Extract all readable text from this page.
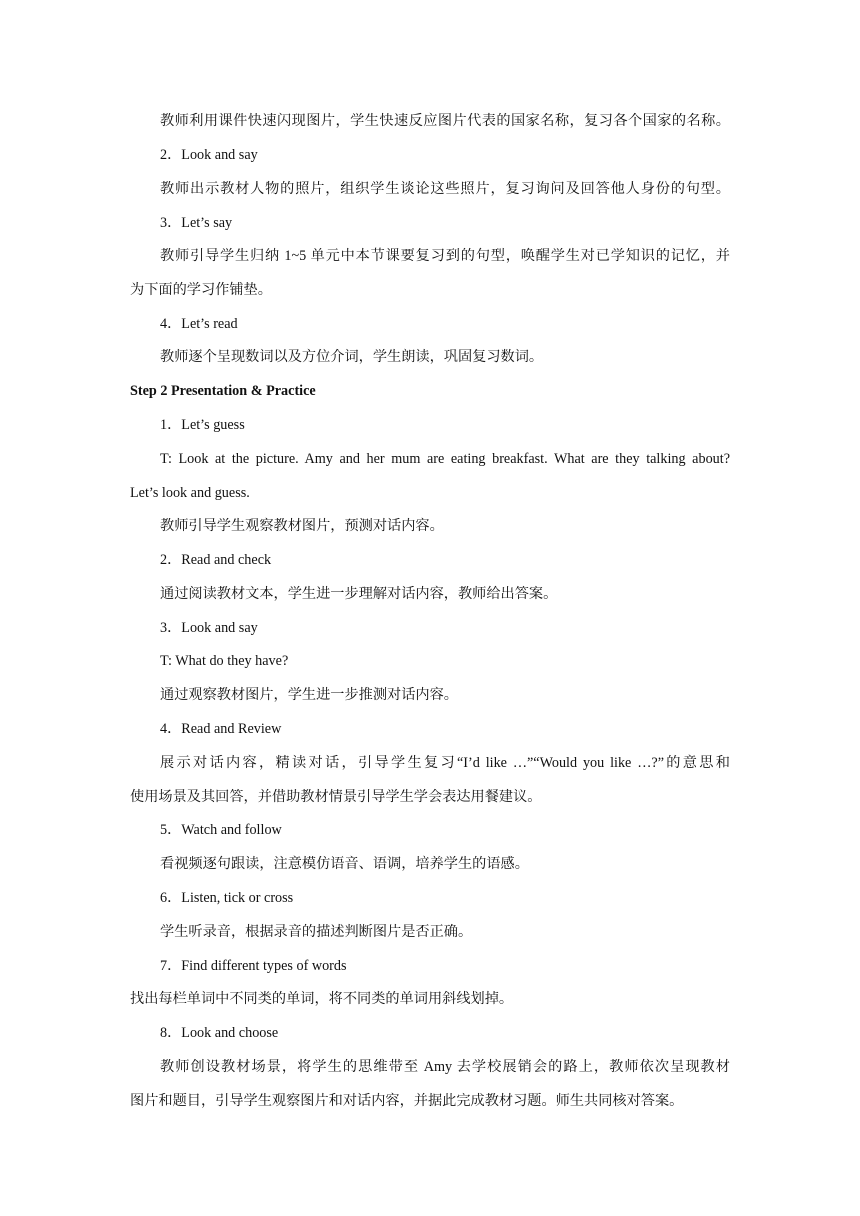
教师利用课件快速闪现图片，学生快速反应图片代表的国家名称，复习各个国家的名称。
2．Look and say
教师出示教材人物的照片，组织学生谈论这些照片，复习询问及回答他人身份的句型。
3．Let’s say
教师引导学生归纳 1~5 单元中本节课要复习到的句型，唤醒学生对已学知识的记忆，并
为下面的学习作铺垫。
4．Let’s read
教师逐个呈现数词以及方位介词，学生朗读，巩固复习数词。
Step 2 Presentation & Practice
1．Let’s guess
T: Look at the picture. Amy and her mum are eating breakfast. What are they talking about?
Let’s look and guess.
教师引导学生观察教材图片，预测对话内容。
2．Read and check
通过阅读教材文本，学生进一步理解对话内容，教师给出答案。
3．Look and say
T: What do they have?
通过观察教材图片，学生进一步推测对话内容。
4．Read and Review
展示对话内容，精读对话，引导学生复习“I’d like …”“Would you like …?”的意思和
使用场景及其回答，并借助教材情景引导学生学会表达用餐建议。
5．Watch and follow
看视频逐句跟读，注意模仿语音、语调，培养学生的语感。
6．Listen, tick or cross
学生听录音，根据录音的描述判断图片是否正确。
7．Find different types of words
找出每栏单词中不同类的单词，将不同类的单词用斜线划掉。
8．Look and choose
教师创设教材场景，将学生的思维带至 Amy 去学校展销会的路上，教师依次呈现教材
图片和题目，引导学生观察图片和对话内容，并据此完成教材习题。师生共同核对答案。
